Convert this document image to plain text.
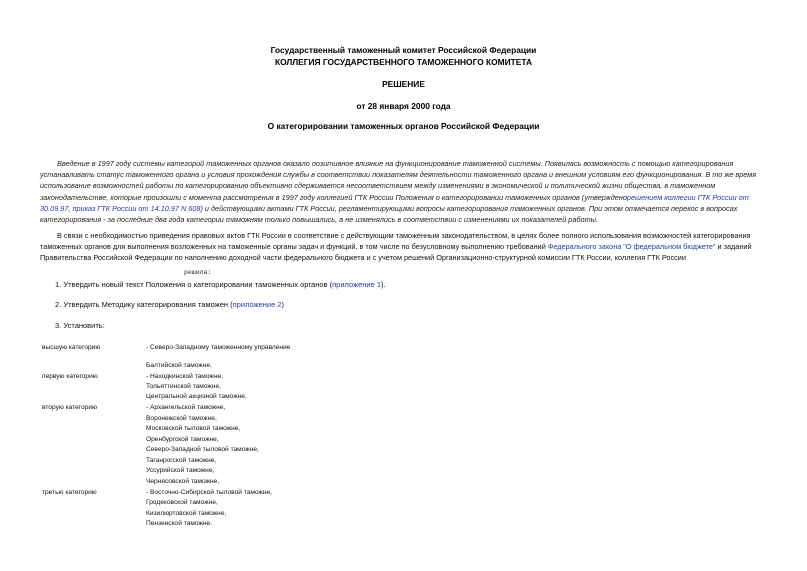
Государственный таможенный комитет Российской Федерации
КОЛЛЕГИЯ ГОСУДАРСТВЕННОГО ТАМОЖЕННОГО КОМИТЕТА
РЕШЕНИЕ
от 28 января 2000 года
О категорировании таможенных органов Российской Федерации

Введение в 1997 году системы категорий таможенных органов оказало позитивное влияние на функционирование таможенной системы. Появилась возможность с помощью категорирования устанавливать статус таможенного органа и условия прохождения службы в соответствии показателям деятельности таможенного органа и внешним условиям его функционирования. В то же время использование возможностей работы по категорированию объективно сдерживается несоответствием между изменениями в экономической и политической жизни общества, в таможенном законодательстве, которые произошли с момента рассмотрения в 1997 году коллегией ГТК России Положения о категорировании таможенных органов (утвержденорешением коллегии ГТК России от 30.09.97, приказ ГТК России от 14.10.97 N 608) и действующими актами ГТК России, регламентирующими вопросы категорирования таможенных органов. При этом отмечается перекос в вопросах категорирования - за последние два года категории таможням только повышались, а не изменялись в соответствии с изменениями их показателей работы.

В связи с необходимостью приведения правовых актов ГТК России в соответствие с действующим таможенным законодательством, в целях более полного использования возможностей категорирования таможенных органов для выполнения возложенных на таможенные органы задач и функций, в том числе по безусловному выполнению требований Федерального закона "О федеральном бюджете" и заданий Правительства Российской Федерации по наполнению доходной части федерального бюджета и с учетом решений Организационно-структурной комиссии ГТК России, коллегия ГТК России

решила:
1. Утвердить новый текст Положения о категорировании таможенных органов (приложение 1).
2. Утвердить Методику категорирования таможен (приложение 2)
3. Установить:
высшую категорию
первую категорию
вторую категорию
третью категорию
- Северо-Западному таможенному управление
Балтийской таможне,
- Находкинской таможне,
Тольяттинской таможне,
Центральной акцизной таможне,
- Архангельской таможне,
Воронежской таможне,
Московской тыловой таможне,
Оренбургской таможне,
Северо-Западной тыловой таможне,
Таганрогской таможне,
Уссурийской таможне,
Чернясовской таможне,
- Восточно-Сибирской тыловой таможне,
Гродековской таможне,
Кизилюртовской таможне,
Пензенской таможне.
